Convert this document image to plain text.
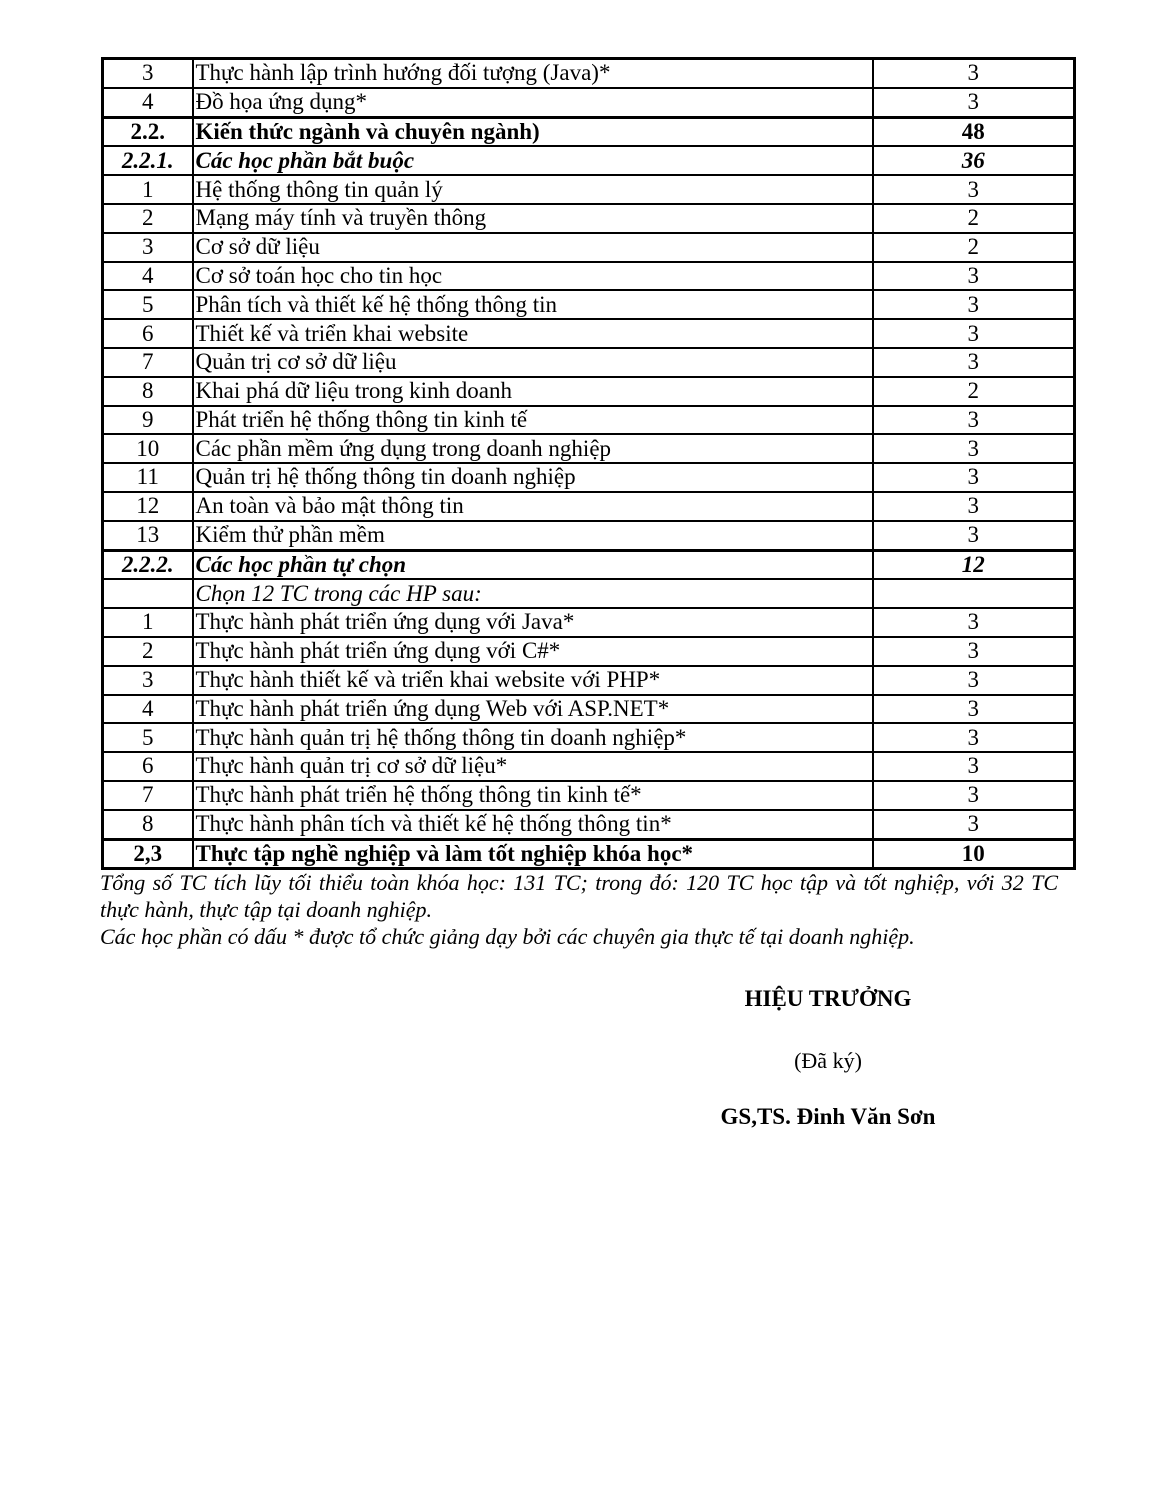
3	Thực hành lập trình hướng đối tượng (Java)*	3
4	Đồ họa ứng dụng*	3
2.2.	Kiến thức ngành và chuyên ngành)	48
2.2.1.	Các học phần bắt buộc	36
1	Hệ thống thông tin quản lý	3
2	Mạng máy tính và truyền thông	2
3	Cơ sở dữ liệu	2
4	Cơ sở toán học cho tin học	3
5	Phân tích và thiết kế hệ thống thông tin	3
6	Thiết kế và triển khai website	3
7	Quản trị cơ sở dữ liệu	3
8	Khai phá dữ liệu trong kinh doanh	2
9	Phát triển hệ thống thông tin kinh tế	3
10	Các phần mềm ứng dụng trong doanh nghiệp	3
11	Quản trị hệ thống thông tin doanh nghiệp	3
12	An toàn và bảo mật thông tin	3
13	Kiểm thử phần mềm	3
2.2.2.	Các học phần tự chọn	12
	Chọn 12 TC trong các HP sau:	
1	Thực hành phát triển ứng dụng với Java*	3
2	Thực hành phát triển ứng dụng với C#*	3
3	Thực hành thiết kế và triển khai website với PHP*	3
4	Thực hành phát triển ứng dụng Web với ASP.NET*	3
5	Thực hành quản trị hệ thống thông tin doanh nghiệp*	3
6	Thực hành quản trị cơ sở dữ liệu*	3
7	Thực hành phát triển hệ thống thông tin kinh tế*	3
8	Thực hành phân tích và thiết kế hệ thống thông tin*	3
2,3	Thực tập nghề nghiệp và làm tốt nghiệp khóa học*	10

Tổng số TC tích lũy tối thiểu toàn khóa học: 131 TC; trong đó: 120 TC học tập và tốt nghiệp, với 32 TC thực hành, thực tập tại doanh nghiệp.

Các học phần có dấu * được tổ chức giảng dạy bởi các chuyên gia thực tế tại doanh nghiệp.

HIỆU TRƯỞNG
(Đã ký)
GS,TS. Đinh Văn Sơn
